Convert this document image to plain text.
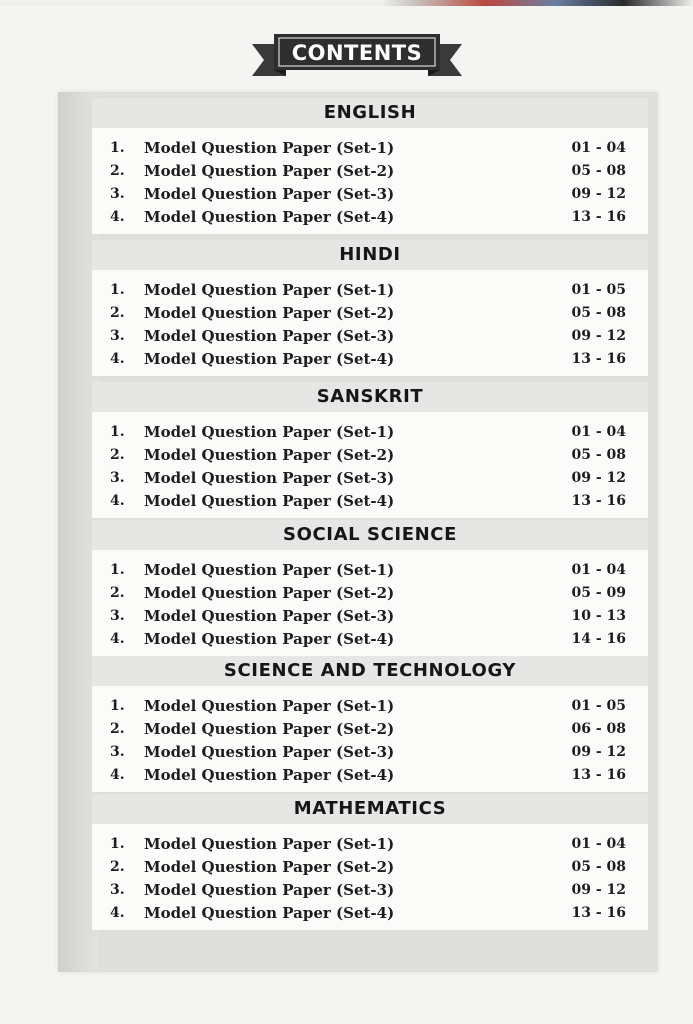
CONTENTS
ENGLISH
1.	Model Question Paper (Set-1)	01 - 04
2.	Model Question Paper (Set-2)	05 - 08
3.	Model Question Paper (Set-3)	09 - 12
4.	Model Question Paper (Set-4)	13 - 16
HINDI
1.	Model Question Paper (Set-1)	01 - 05
2.	Model Question Paper (Set-2)	05 - 08
3.	Model Question Paper (Set-3)	09 - 12
4.	Model Question Paper (Set-4)	13 - 16
SANSKRIT
1.	Model Question Paper (Set-1)	01 - 04
2.	Model Question Paper (Set-2)	05 - 08
3.	Model Question Paper (Set-3)	09 - 12
4.	Model Question Paper (Set-4)	13 - 16
SOCIAL SCIENCE
1.	Model Question Paper (Set-1)	01 - 04
2.	Model Question Paper (Set-2)	05 - 09
3.	Model Question Paper (Set-3)	10 - 13
4.	Model Question Paper (Set-4)	14 - 16
SCIENCE AND TECHNOLOGY
1.	Model Question Paper (Set-1)	01 - 05
2.	Model Question Paper (Set-2)	06 - 08
3.	Model Question Paper (Set-3)	09 - 12
4.	Model Question Paper (Set-4)	13 - 16
MATHEMATICS
1.	Model Question Paper (Set-1)	01 - 04
2.	Model Question Paper (Set-2)	05 - 08
3.	Model Question Paper (Set-3)	09 - 12
4.	Model Question Paper (Set-4)	13 - 16
